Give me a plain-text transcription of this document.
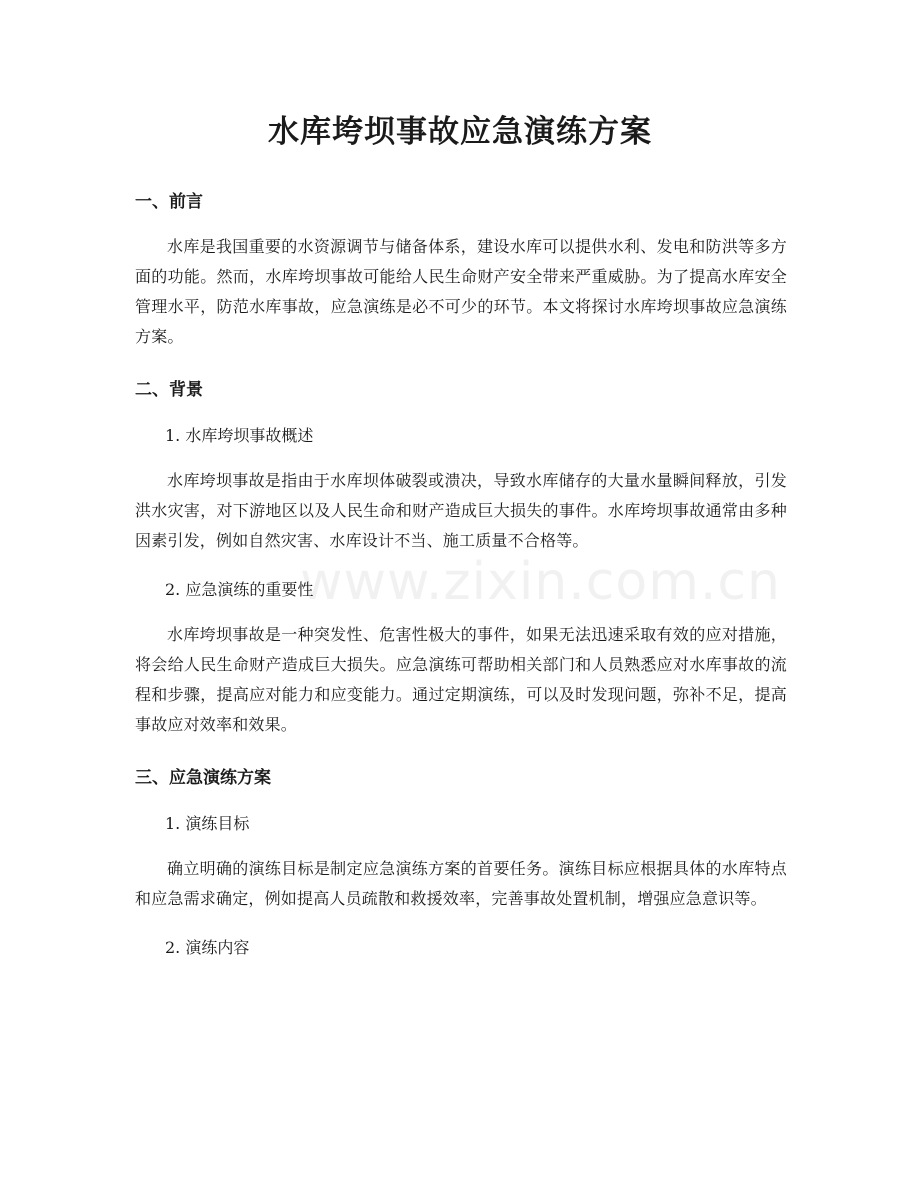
www.zixin.com.cn
水库垮坝事故应急演练方案
一、前言

水库是我国重要的水资源调节与储备体系，建设水库可以提供水利、发电和防洪等多方面的功能。然而，水库垮坝事故可能给人民生命财产安全带来严重威胁。为了提高水库安全管理水平，防范水库事故，应急演练是必不可少的环节。本文将探讨水库垮坝事故应急演练方案。

二、背景

1. 水库垮坝事故概述

水库垮坝事故是指由于水库坝体破裂或溃决，导致水库储存的大量水量瞬间释放，引发洪水灾害，对下游地区以及人民生命和财产造成巨大损失的事件。水库垮坝事故通常由多种因素引发，例如自然灾害、水库设计不当、施工质量不合格等。

2. 应急演练的重要性

水库垮坝事故是一种突发性、危害性极大的事件，如果无法迅速采取有效的应对措施，将会给人民生命财产造成巨大损失。应急演练可帮助相关部门和人员熟悉应对水库事故的流程和步骤，提高应对能力和应变能力。通过定期演练，可以及时发现问题，弥补不足，提高事故应对效率和效果。

三、应急演练方案

1. 演练目标

确立明确的演练目标是制定应急演练方案的首要任务。演练目标应根据具体的水库特点和应急需求确定，例如提高人员疏散和救援效率，完善事故处置机制，增强应急意识等。

2. 演练内容
